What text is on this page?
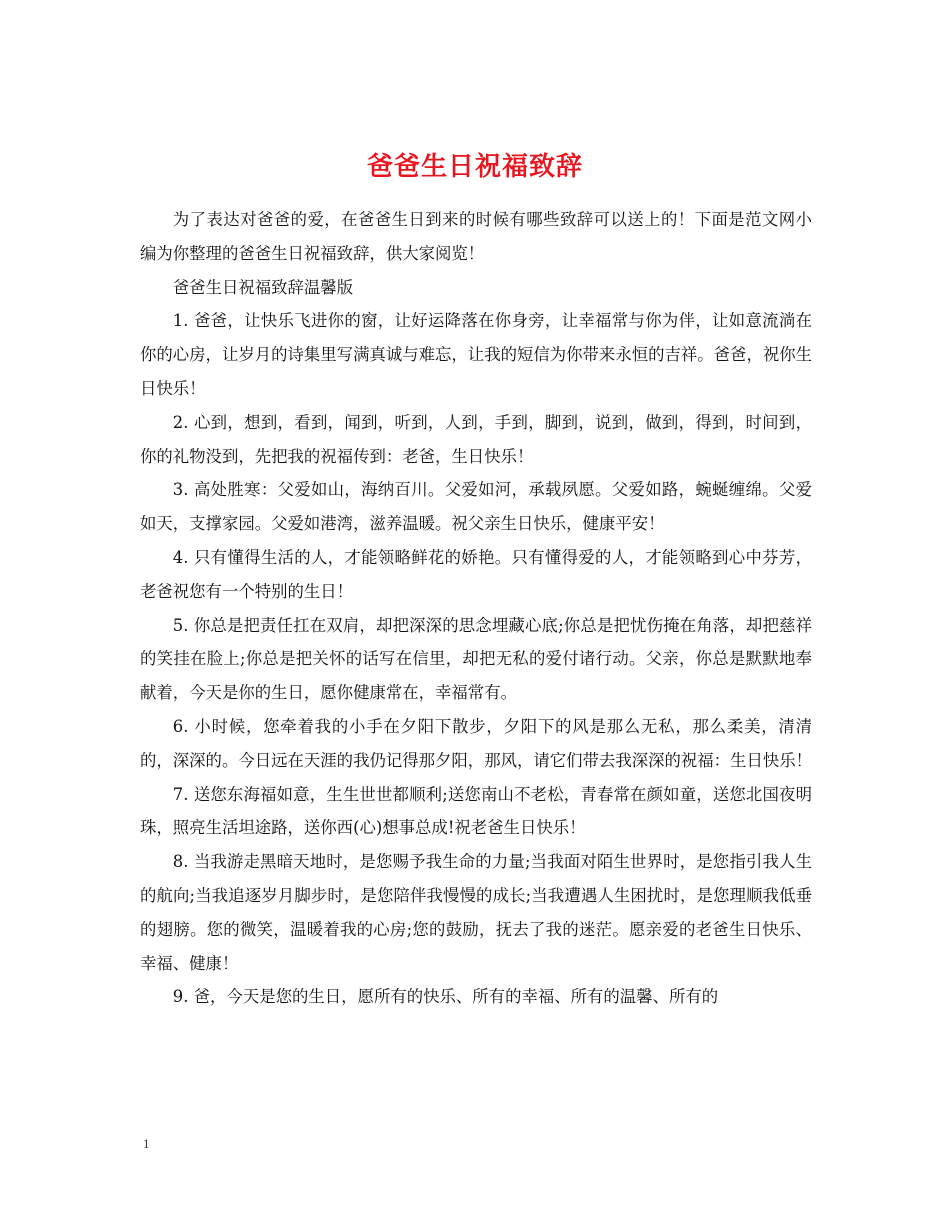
爸爸生日祝福致辞

为了表达对爸爸的爱，在爸爸生日到来的时候有哪些致辞可以送上的！下面是范文网小编为你整理的爸爸生日祝福致辞，供大家阅览！

爸爸生日祝福致辞温馨版

1. 爸爸，让快乐飞进你的窗，让好运降落在你身旁，让幸福常与你为伴，让如意流淌在你的心房，让岁月的诗集里写满真诚与难忘，让我的短信为你带来永恒的吉祥。爸爸，祝你生日快乐！

2. 心到，想到，看到，闻到，听到，人到，手到，脚到，说到，做到，得到，时间到，你的礼物没到，先把我的祝福传到：老爸，生日快乐！

3. 高处胜寒：父爱如山，海纳百川。父爱如河，承载夙愿。父爱如路，蜿蜒缠绵。父爱如天，支撑家园。父爱如港湾，滋养温暖。祝父亲生日快乐，健康平安！

4. 只有懂得生活的人，才能领略鲜花的娇艳。只有懂得爱的人，才能领略到心中芬芳，老爸祝您有一个特别的生日！

5. 你总是把责任扛在双肩，却把深深的思念埋藏心底;你总是把忧伤掩在角落，却把慈祥的笑挂在脸上;你总是把关怀的话写在信里，却把无私的爱付诸行动。父亲，你总是默默地奉献着，今天是你的生日，愿你健康常在，幸福常有。

6. 小时候，您牵着我的小手在夕阳下散步，夕阳下的风是那么无私，那么柔美，清清的，深深的。今日远在天涯的我仍记得那夕阳，那风，请它们带去我深深的祝福：生日快乐！

7. 送您东海福如意，生生世世都顺利;送您南山不老松，青春常在颜如童，送您北国夜明珠，照亮生活坦途路，送你西(心)想事总成!祝老爸生日快乐！

8. 当我游走黑暗天地时，是您赐予我生命的力量;当我面对陌生世界时，是您指引我人生的航向;当我追逐岁月脚步时，是您陪伴我慢慢的成长;当我遭遇人生困扰时，是您理顺我低垂的翅膀。您的微笑，温暖着我的心房;您的鼓励，抚去了我的迷茫。愿亲爱的老爸生日快乐、幸福、健康！

9. 爸，今天是您的生日，愿所有的快乐、所有的幸福、所有的温馨、所有的

1
